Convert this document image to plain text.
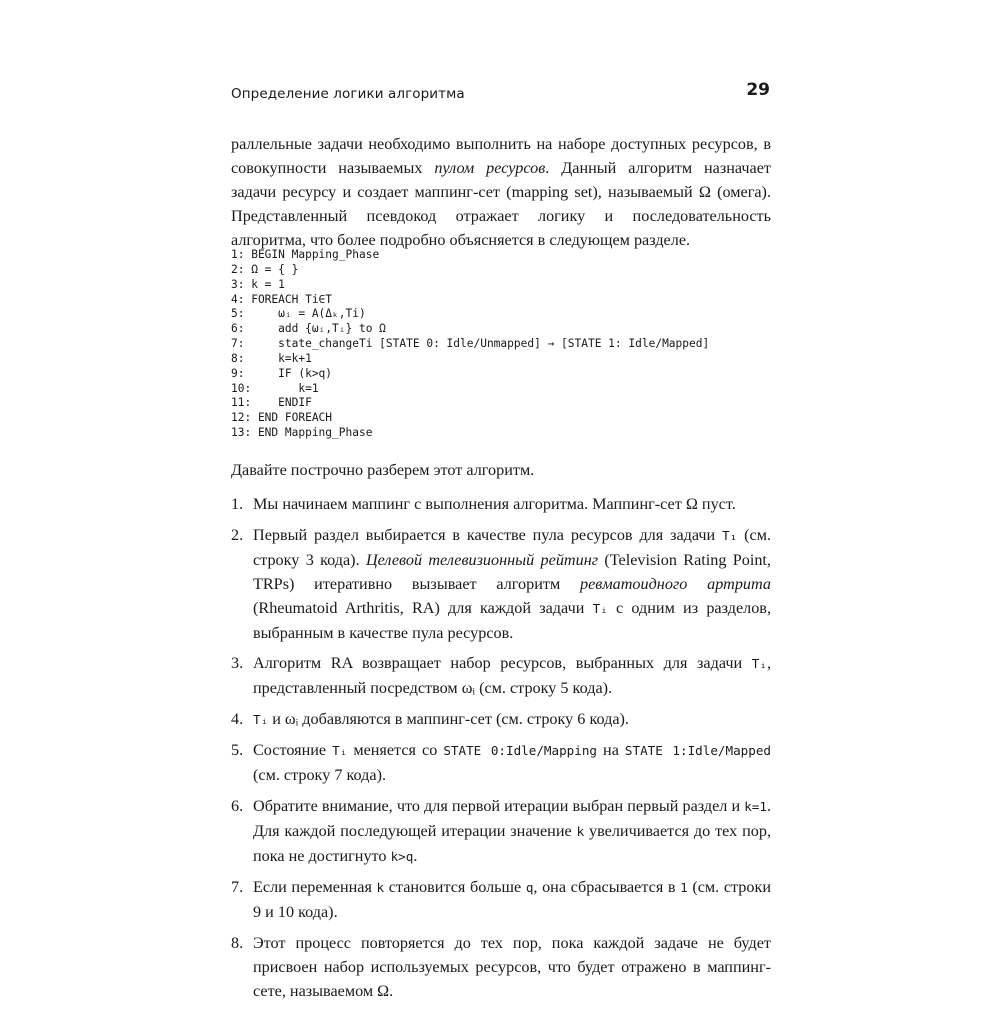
Определение логики алгоритма	29

раллельные задачи необходимо выполнить на наборе доступных ресурсов, в совокупности называемых пулом ресурсов. Данный алгоритм назначает задачи ресурсу и создает маппинг-сет (mapping set), называемый Ω (омега). Представленный псевдокод отражает логику и последовательность алгоритма, что более подробно объясняется в следующем разделе.

1: BEGIN Mapping_Phase
2: Ω = { }
3: k = 1
4: FOREACH Ti∈T
5:     ωᵢ = A(Δₖ,Ti)
6:     add {ωᵢ,Tᵢ} to Ω
7:     state_changeTi [STATE 0: Idle/Unmapped] → [STATE 1: Idle/Mapped]
8:     k=k+1
9:     IF (k>q)
10:       k=1
11:    ENDIF
12: END FOREACH
13: END Mapping_Phase

Давайте построчно разберем этот алгоритм.

1. Мы начинаем маппинг с выполнения алгоритма. Маппинг-сет Ω пуст.
2. Первый раздел выбирается в качестве пула ресурсов для задачи T₁ (см. строку 3 кода). Целевой телевизионный рейтинг (Television Rating Point, TRPs) итеративно вызывает алгоритм ревматоидного артрита (Rheumatoid Arthritis, RA) для каждой задачи Tᵢ с одним из разделов, выбранным в качестве пула ресурсов.
3. Алгоритм RA возвращает набор ресурсов, выбранных для задачи Tᵢ, представленный посредством ωᵢ (см. строку 5 кода).
4. Tᵢ и ωᵢ добавляются в маппинг-сет (см. строку 6 кода).
5. Состояние Tᵢ меняется со STATE 0:Idle/Mapping на STATE 1:Idle/Mapped (см. строку 7 кода).
6. Обратите внимание, что для первой итерации выбран первый раздел и k=1. Для каждой последующей итерации значение k увеличивается до тех пор, пока не достигнуто k>q.
7. Если переменная k становится больше q, она сбрасывается в 1 (см. строки 9 и 10 кода).
8. Этот процесс повторяется до тех пор, пока каждой задаче не будет присвоен набор используемых ресурсов, что будет отражено в маппинг-сете, называемом Ω.
